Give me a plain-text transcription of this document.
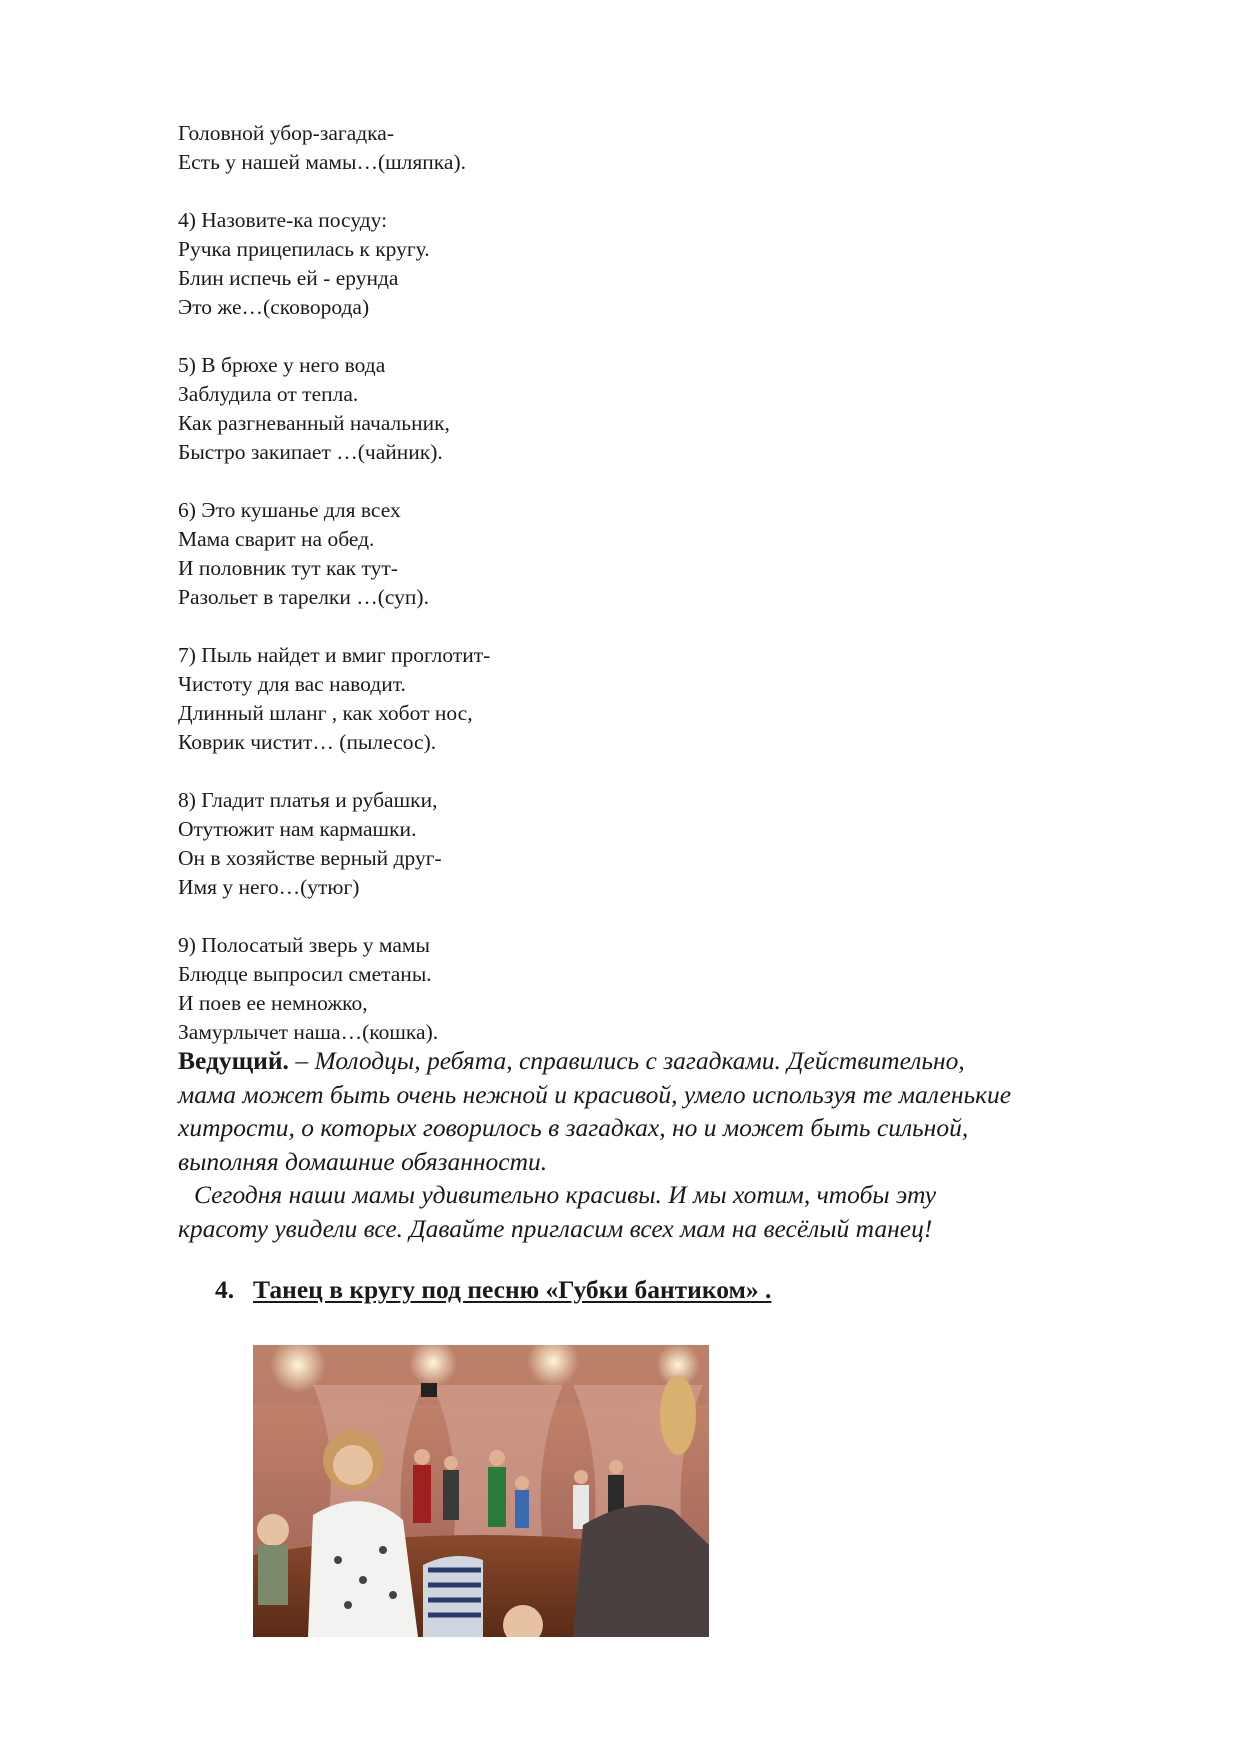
Головной убор-загадка-
Есть у нашей мамы…(шляпка).
4) Назовите-ка посуду:
Ручка прицепилась к кругу.
Блин испечь ей - ерунда
Это же…(сковорода)
5) В брюхе у него вода
Заблудила от тепла.
Как разгневанный начальник,
Быстро закипает …(чайник).
6) Это кушанье для всех
Мама сварит на обед.
И половник тут как тут-
Разольет в тарелки …(суп).
7) Пыль найдет и вмиг проглотит-
Чистоту для вас наводит.
Длинный шланг , как хобот нос,
Коврик чистит… (пылесос).
8) Гладит платья и рубашки,
Отутюжит нам кармашки.
Он в хозяйстве верный друг-
Имя у него…(утюг)
9) Полосатый зверь у мамы
Блюдце выпросил сметаны.
И поев ее немножко,
Замурлычет наша…(кошка).

Ведущий. – Молодцы, ребята, справились с загадками. Действительно,
мама может быть очень нежной и красивой, умело используя те маленькие
хитрости, о которых говорилось в загадках, но и может быть сильной,
выполняя домашние обязанности.

Сегодня наши мамы удивительно красивы. И мы хотим, чтобы эту

красоту увидели все. Давайте пригласим всех мам на весёлый танец!

4. Танец в кругу под песню «Губки бантиком» .
